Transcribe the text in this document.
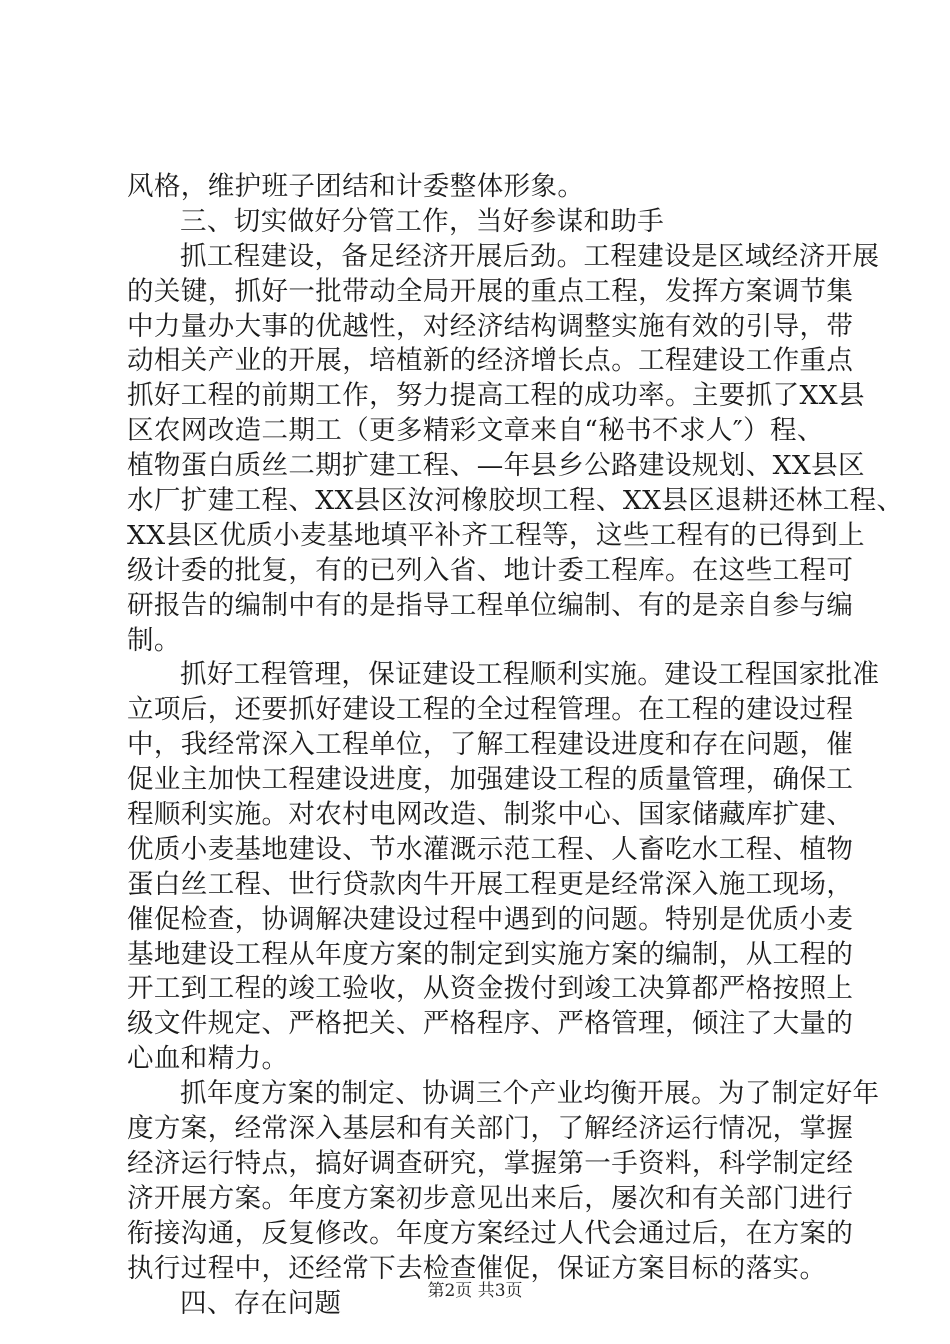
风格，维护班子团结和计委整体形象。
三、切实做好分管工作，当好参谋和助手
抓工程建设，备足经济开展后劲。工程建设是区域经济开展
的关键，抓好一批带动全局开展的重点工程，发挥方案调节集
中力量办大事的优越性，对经济结构调整实施有效的引导，带
动相关产业的开展，培植新的经济增长点。工程建设工作重点
抓好工程的前期工作，努力提高工程的成功率。主要抓了XX县
区农网改造二期工（更多精彩文章来自“秘书不求人″）程、
植物蛋白质丝二期扩建工程、—年县乡公路建设规划、XX县区
水厂扩建工程、XX县区汝河橡胶坝工程、XX县区退耕还林工程、
XX县区优质小麦基地填平补齐工程等，这些工程有的已得到上
级计委的批复，有的已列入省、地计委工程库。在这些工程可
研报告的编制中有的是指导工程单位编制、有的是亲自参与编
制。
抓好工程管理，保证建设工程顺利实施。建设工程国家批准
立项后，还要抓好建设工程的全过程管理。在工程的建设过程
中，我经常深入工程单位，了解工程建设进度和存在问题，催
促业主加快工程建设进度，加强建设工程的质量管理，确保工
程顺利实施。对农村电网改造、制浆中心、国家储藏库扩建、
优质小麦基地建设、节水灌溉示范工程、人畜吃水工程、植物
蛋白丝工程、世行贷款肉牛开展工程更是经常深入施工现场，
催促检查，协调解决建设过程中遇到的问题。特别是优质小麦
基地建设工程从年度方案的制定到实施方案的编制，从工程的
开工到工程的竣工验收，从资金拨付到竣工决算都严格按照上
级文件规定、严格把关、严格程序、严格管理，倾注了大量的
心血和精力。
抓年度方案的制定、协调三个产业均衡开展。为了制定好年
度方案，经常深入基层和有关部门，了解经济运行情况，掌握
经济运行特点，搞好调查研究，掌握第一手资料，科学制定经
济开展方案。年度方案初步意见出来后，屡次和有关部门进行
衔接沟通，反复修改。年度方案经过人代会通过后，在方案的
执行过程中，还经常下去检查催促，保证方案目标的落实。
四、存在问题	第2页 共3页
